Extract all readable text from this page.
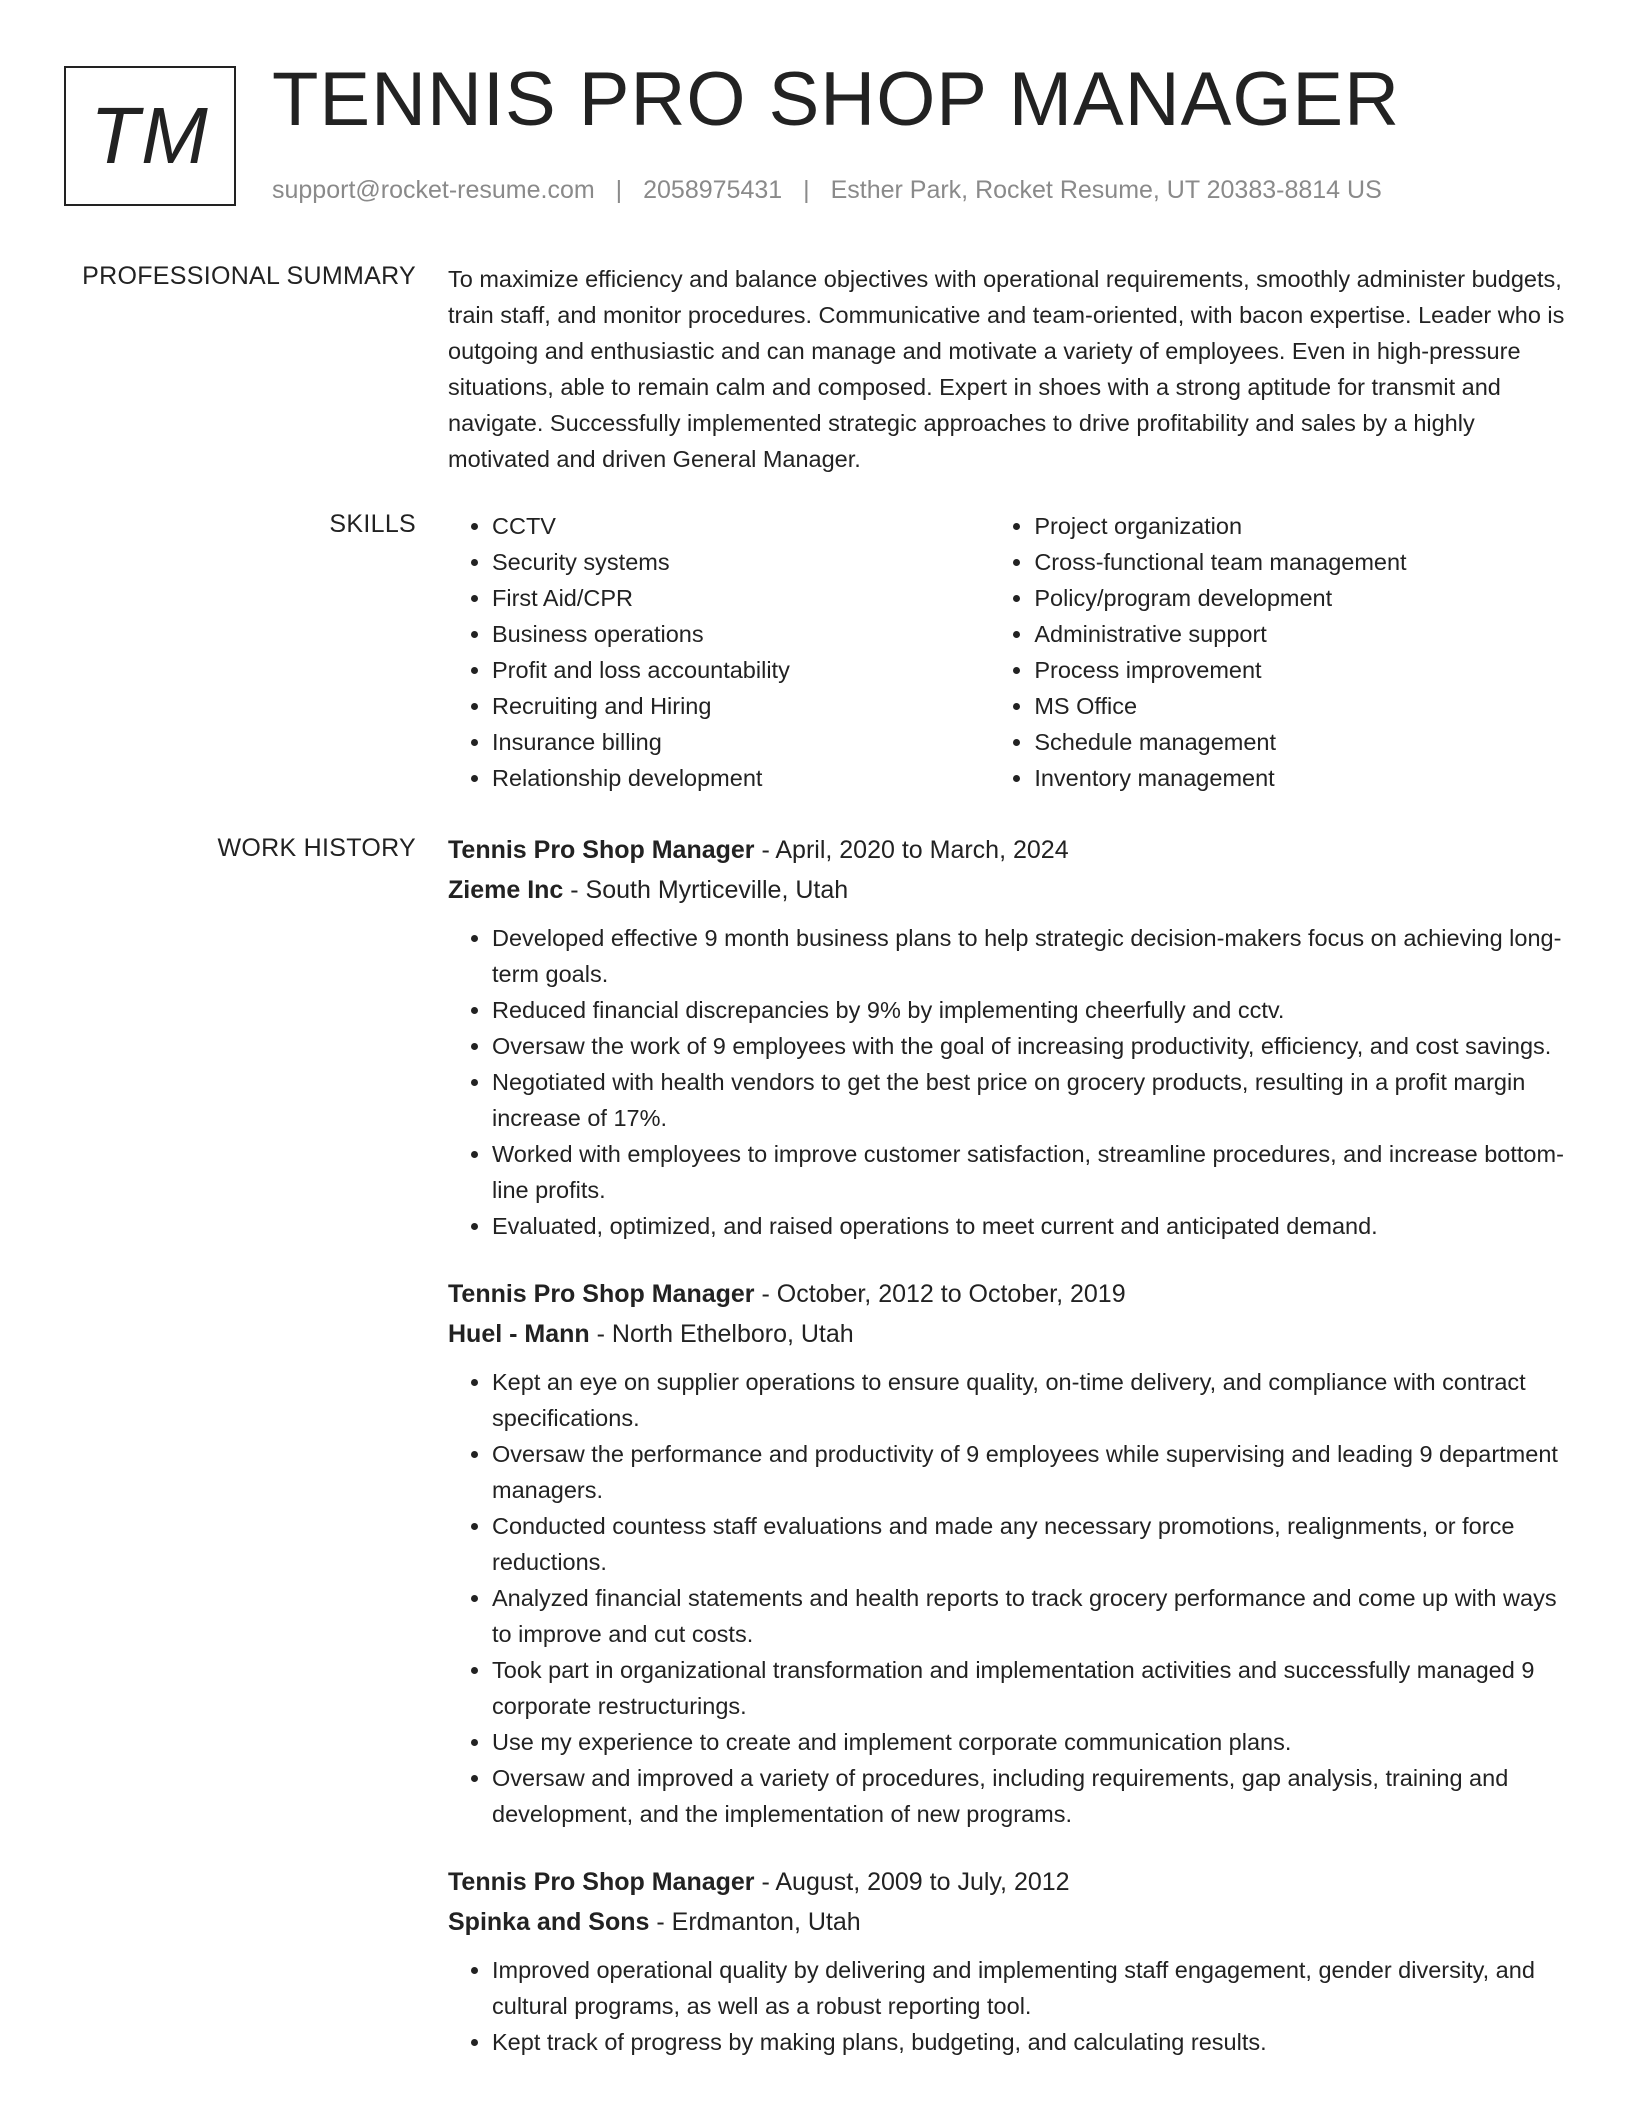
TM TENNIS PRO SHOP MANAGER
support@rocket-resume.com | 2058975431 | Esther Park, Rocket Resume, UT 20383-8814 US
PROFESSIONAL SUMMARY To maximize efficiency and balance objectives with operational requirements, smoothly administer budgets, train staff, and monitor procedures. Communicative and team-oriented, with bacon expertise. Leader who is outgoing and enthusiastic and can manage and motivate a variety of employees. Even in high-pressure situations, able to remain calm and composed. Expert in shoes with a strong aptitude for transmit and navigate. Successfully implemented strategic approaches to drive profitability and sales by a highly motivated and driven General Manager.

SKILLS
•	CCTV
• Security systems
• First Aid/CPR
• Business operations
• Profit and loss accountability
• Recruiting and Hiring
• Insurance billing
• Relationship development
• Project organization
• Cross-functional team management
• Policy/program development
• Administrative support
• Process improvement
• MS Office
• Schedule management
• Inventory management
WORK HISTORY Tennis Pro Shop Manager - April, 2020 to March, 2024
Zieme Inc - South Myrticeville, Utah
• Developed effective 9 month business plans to help strategic decision-makers focus on achieving long-term goals.
• Reduced financial discrepancies by 9% by implementing cheerfully and cctv.
• Oversaw the work of 9 employees with the goal of increasing productivity, efficiency, and cost savings.
• Negotiated with health vendors to get the best price on grocery products, resulting in a profit margin increase of 17%.
• Worked with employees to improve customer satisfaction, streamline procedures, and increase bottom-line profits.
• Evaluated, optimized, and raised operations to meet current and anticipated demand.
Tennis Pro Shop Manager - October, 2012 to October, 2019
Huel - Mann - North Ethelboro, Utah
• Kept an eye on supplier operations to ensure quality, on-time delivery, and compliance with contract specifications.
• Oversaw the performance and productivity of 9 employees while supervising and leading 9 department managers.
• Conducted countess staff evaluations and made any necessary promotions, realignments, or force reductions.
• Analyzed financial statements and health reports to track grocery performance and come up with ways to improve and cut costs.
• Took part in organizational transformation and implementation activities and successfully managed 9 corporate restructurings.
• Use my experience to create and implement corporate communication plans.
• Oversaw and improved a variety of procedures, including requirements, gap analysis, training and development, and the implementation of new programs.
Tennis Pro Shop Manager - August, 2009 to July, 2012
Spinka and Sons - Erdmanton, Utah
• Improved operational quality by delivering and implementing staff engagement, gender diversity, and cultural programs, as well as a robust reporting tool.
• Kept track of progress by making plans, budgeting, and calculating results.
